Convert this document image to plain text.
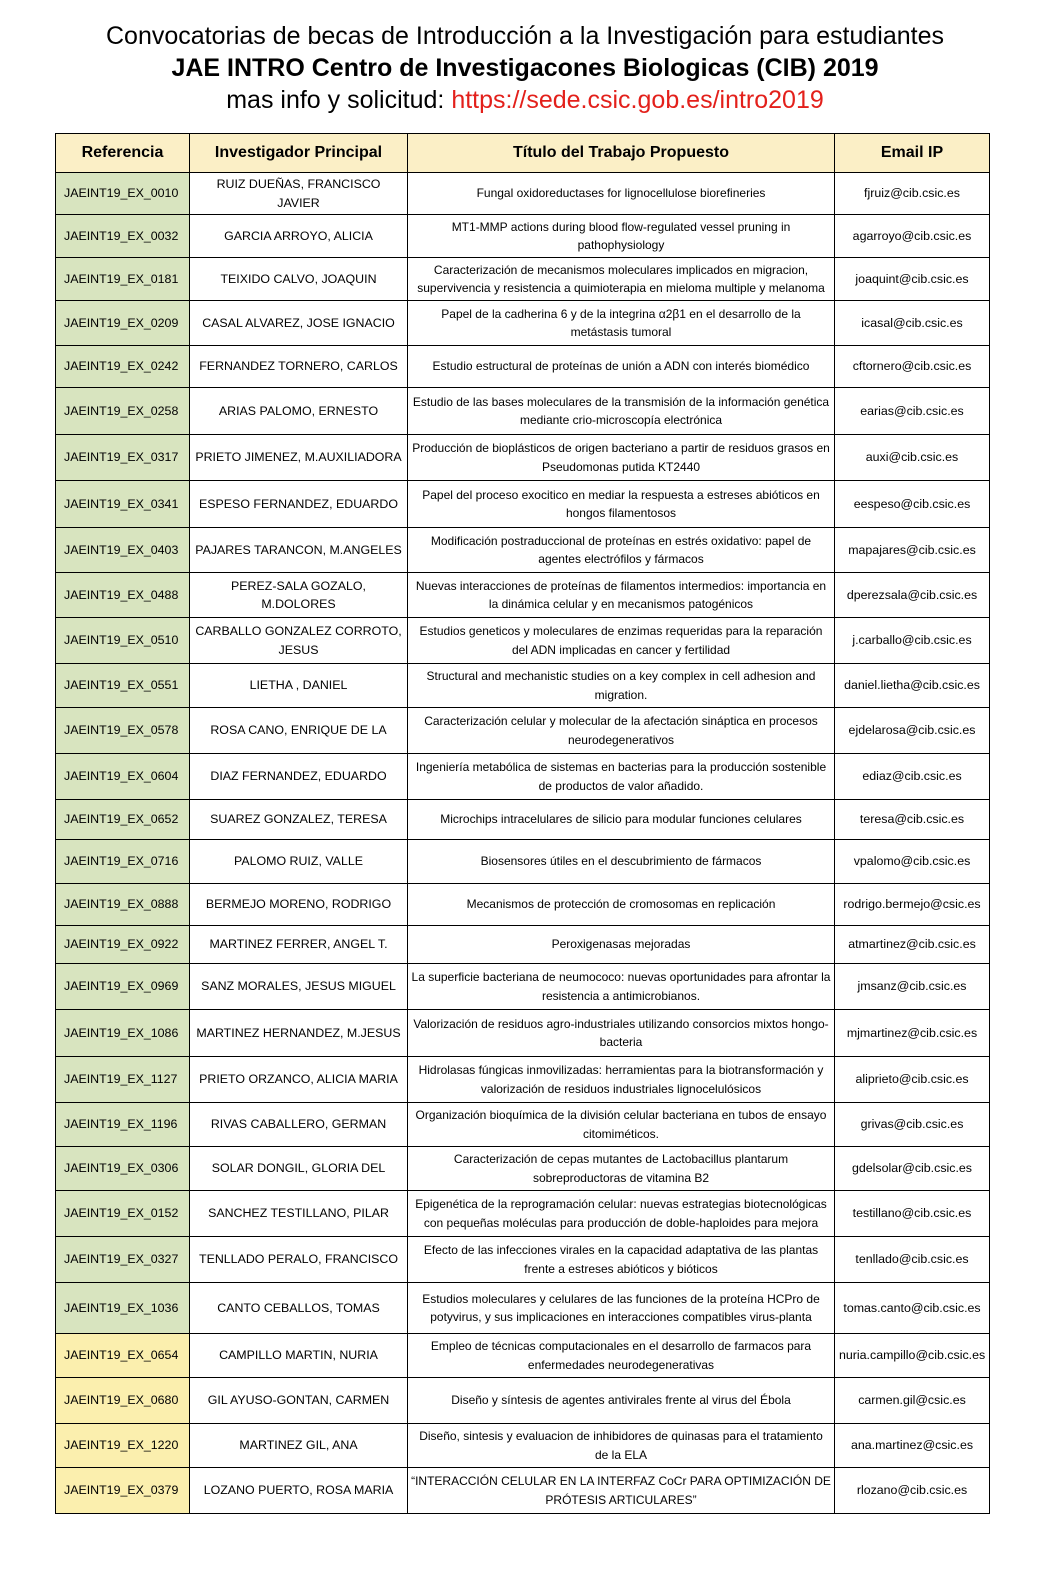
Convocatorias de becas de Introducción a la Investigación para estudiantes
JAE INTRO Centro de Investigacones Biologicas (CIB) 2019
mas info y solicitud: https://sede.csic.gob.es/intro2019
Referencia	Investigador Principal	Título del Trabajo Propuesto	Email IP
JAEINT19_EX_0010	RUIZ DUEÑAS, FRANCISCO JAVIER	Fungal oxidoreductases for lignocellulose biorefineries	fjruiz@cib.csic.es
JAEINT19_EX_0032	GARCIA ARROYO, ALICIA	MT1-MMP actions during blood flow-regulated vessel pruning in pathophysiology	agarroyo@cib.csic.es
JAEINT19_EX_0181	TEIXIDO CALVO, JOAQUIN	Caracterización de mecanismos moleculares implicados en migracion, supervivencia y resistencia a quimioterapia en mieloma multiple y melanoma	joaquint@cib.csic.es
JAEINT19_EX_0209	CASAL ALVAREZ, JOSE IGNACIO	Papel de la cadherina 6 y de la integrina α2β1 en el desarrollo de la metástasis tumoral	icasal@cib.csic.es
JAEINT19_EX_0242	FERNANDEZ TORNERO, CARLOS	Estudio estructural de proteínas de unión a ADN con interés biomédico	cftornero@cib.csic.es
JAEINT19_EX_0258	ARIAS PALOMO, ERNESTO	Estudio de las bases moleculares de la transmisión de la información genética mediante crio-microscopía electrónica	earias@cib.csic.es
JAEINT19_EX_0317	PRIETO JIMENEZ, M.AUXILIADORA	Producción de bioplásticos de origen bacteriano a partir de residuos grasos en Pseudomonas putida KT2440	auxi@cib.csic.es
JAEINT19_EX_0341	ESPESO FERNANDEZ, EDUARDO	Papel del proceso exocitico en mediar la respuesta a estreses abióticos en hongos filamentosos	eespeso@cib.csic.es
JAEINT19_EX_0403	PAJARES TARANCON, M.ANGELES	Modificación postraduccional de proteínas en estrés oxidativo: papel de agentes electrófilos y fármacos	mapajares@cib.csic.es
JAEINT19_EX_0488	PEREZ-SALA GOZALO, M.DOLORES	Nuevas interacciones de proteínas de filamentos intermedios: importancia en la dinámica celular y en mecanismos patogénicos	dperezsala@cib.csic.es
JAEINT19_EX_0510	CARBALLO GONZALEZ CORROTO, JESUS	Estudios geneticos y moleculares de enzimas requeridas para la reparación del ADN implicadas en cancer y fertilidad	j.carballo@cib.csic.es
JAEINT19_EX_0551	LIETHA , DANIEL	Structural and mechanistic studies on a key complex in cell adhesion and migration.	daniel.lietha@cib.csic.es
JAEINT19_EX_0578	ROSA CANO, ENRIQUE DE LA	Caracterización celular y molecular de la afectación sináptica en procesos neurodegenerativos	ejdelarosa@cib.csic.es
JAEINT19_EX_0604	DIAZ FERNANDEZ, EDUARDO	Ingeniería metabólica de sistemas en bacterias para la producción sostenible de productos de valor añadido.	ediaz@cib.csic.es
JAEINT19_EX_0652	SUAREZ GONZALEZ, TERESA	Microchips intracelulares de silicio para modular funciones celulares	teresa@cib.csic.es
JAEINT19_EX_0716	PALOMO RUIZ, VALLE	Biosensores útiles en el descubrimiento de fármacos	vpalomo@cib.csic.es
JAEINT19_EX_0888	BERMEJO MORENO, RODRIGO	Mecanismos de protección de cromosomas en replicación	rodrigo.bermejo@csic.es
JAEINT19_EX_0922	MARTINEZ FERRER, ANGEL T.	Peroxigenasas mejoradas	atmartinez@cib.csic.es
JAEINT19_EX_0969	SANZ MORALES, JESUS MIGUEL	La superficie bacteriana de neumococo: nuevas oportunidades para afrontar la resistencia a antimicrobianos.	jmsanz@cib.csic.es
JAEINT19_EX_1086	MARTINEZ HERNANDEZ, M.JESUS	Valorización de residuos agro-industriales utilizando consorcios mixtos hongo-bacteria	mjmartinez@cib.csic.es
JAEINT19_EX_1127	PRIETO ORZANCO, ALICIA MARIA	Hidrolasas fúngicas inmovilizadas: herramientas para la biotransformación y valorización de residuos industriales lignocelulósicos	aliprieto@cib.csic.es
JAEINT19_EX_1196	RIVAS CABALLERO, GERMAN	Organización bioquímica de la división celular bacteriana en tubos de ensayo citomiméticos.	grivas@cib.csic.es
JAEINT19_EX_0306	SOLAR DONGIL, GLORIA DEL	Caracterización de cepas mutantes de Lactobacillus plantarum sobreproductoras de vitamina B2	gdelsolar@cib.csic.es
JAEINT19_EX_0152	SANCHEZ TESTILLANO, PILAR	Epigenética de la reprogramación celular: nuevas estrategias biotecnológicas con pequeñas moléculas para producción de doble-haploides para mejora	testillano@cib.csic.es
JAEINT19_EX_0327	TENLLADO PERALO, FRANCISCO	Efecto de las infecciones virales en la capacidad adaptativa de las plantas frente a estreses abióticos y bióticos	tenllado@cib.csic.es
JAEINT19_EX_1036	CANTO CEBALLOS, TOMAS	Estudios moleculares y celulares de las funciones de la proteína HCPro de potyvirus, y sus implicaciones en interacciones compatibles virus-planta	tomas.canto@cib.csic.es
JAEINT19_EX_0654	CAMPILLO MARTIN, NURIA	Empleo de técnicas computacionales en el desarrollo de farmacos para enfermedades neurodegenerativas	nuria.campillo@cib.csic.es
JAEINT19_EX_0680	GIL AYUSO-GONTAN, CARMEN	Diseño y síntesis de agentes antivirales frente al virus del Ébola	carmen.gil@csic.es
JAEINT19_EX_1220	MARTINEZ GIL, ANA	Diseño, sintesis y evaluacion de inhibidores de quinasas para el tratamiento de la ELA	ana.martinez@csic.es
JAEINT19_EX_0379	LOZANO PUERTO, ROSA MARIA	“INTERACCIÓN CELULAR EN LA INTERFAZ CoCr PARA OPTIMIZACIÓN DE PRÓTESIS ARTICULARES”	rlozano@cib.csic.es
